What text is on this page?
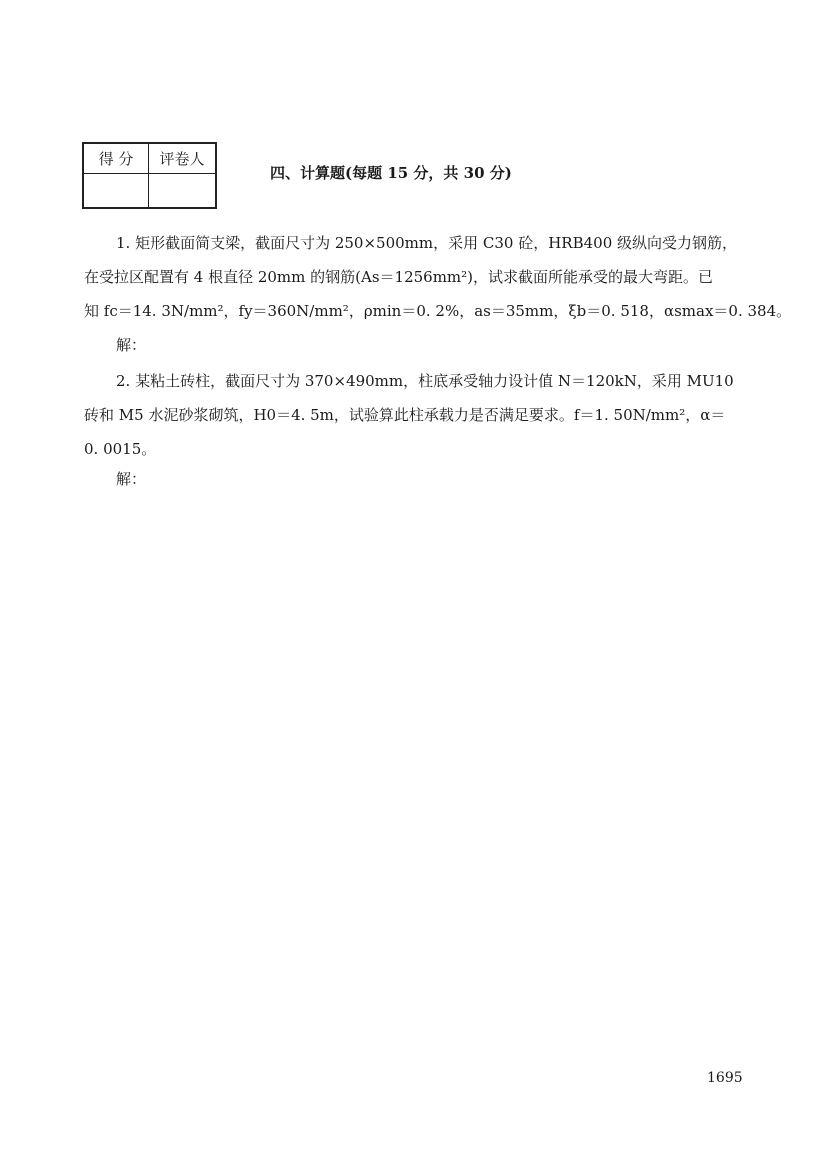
得 分	评卷人

四、计算题(每题 15 分，共 30 分)

1. 矩形截面简支梁，截面尺寸为 250×500mm，采用 C30 砼，HRB400 级纵向受力钢筋，
在受拉区配置有 4 根直径 20mm 的钢筋(As＝1256mm²)，试求截面所能承受的最大弯距。已
知 fc＝14. 3N/mm²，fy＝360N/mm²，ρmin＝0. 2%，as＝35mm，ξb＝0. 518，αsmax＝0. 384。

解：

2. 某粘土砖柱，截面尺寸为 370×490mm，柱底承受轴力设计值 N＝120kN，采用 MU10
砖和 M5 水泥砂浆砌筑，H0＝4. 5m，试验算此柱承载力是否满足要求。f＝1. 50N/mm²，α＝
0. 0015。

解：
1695
